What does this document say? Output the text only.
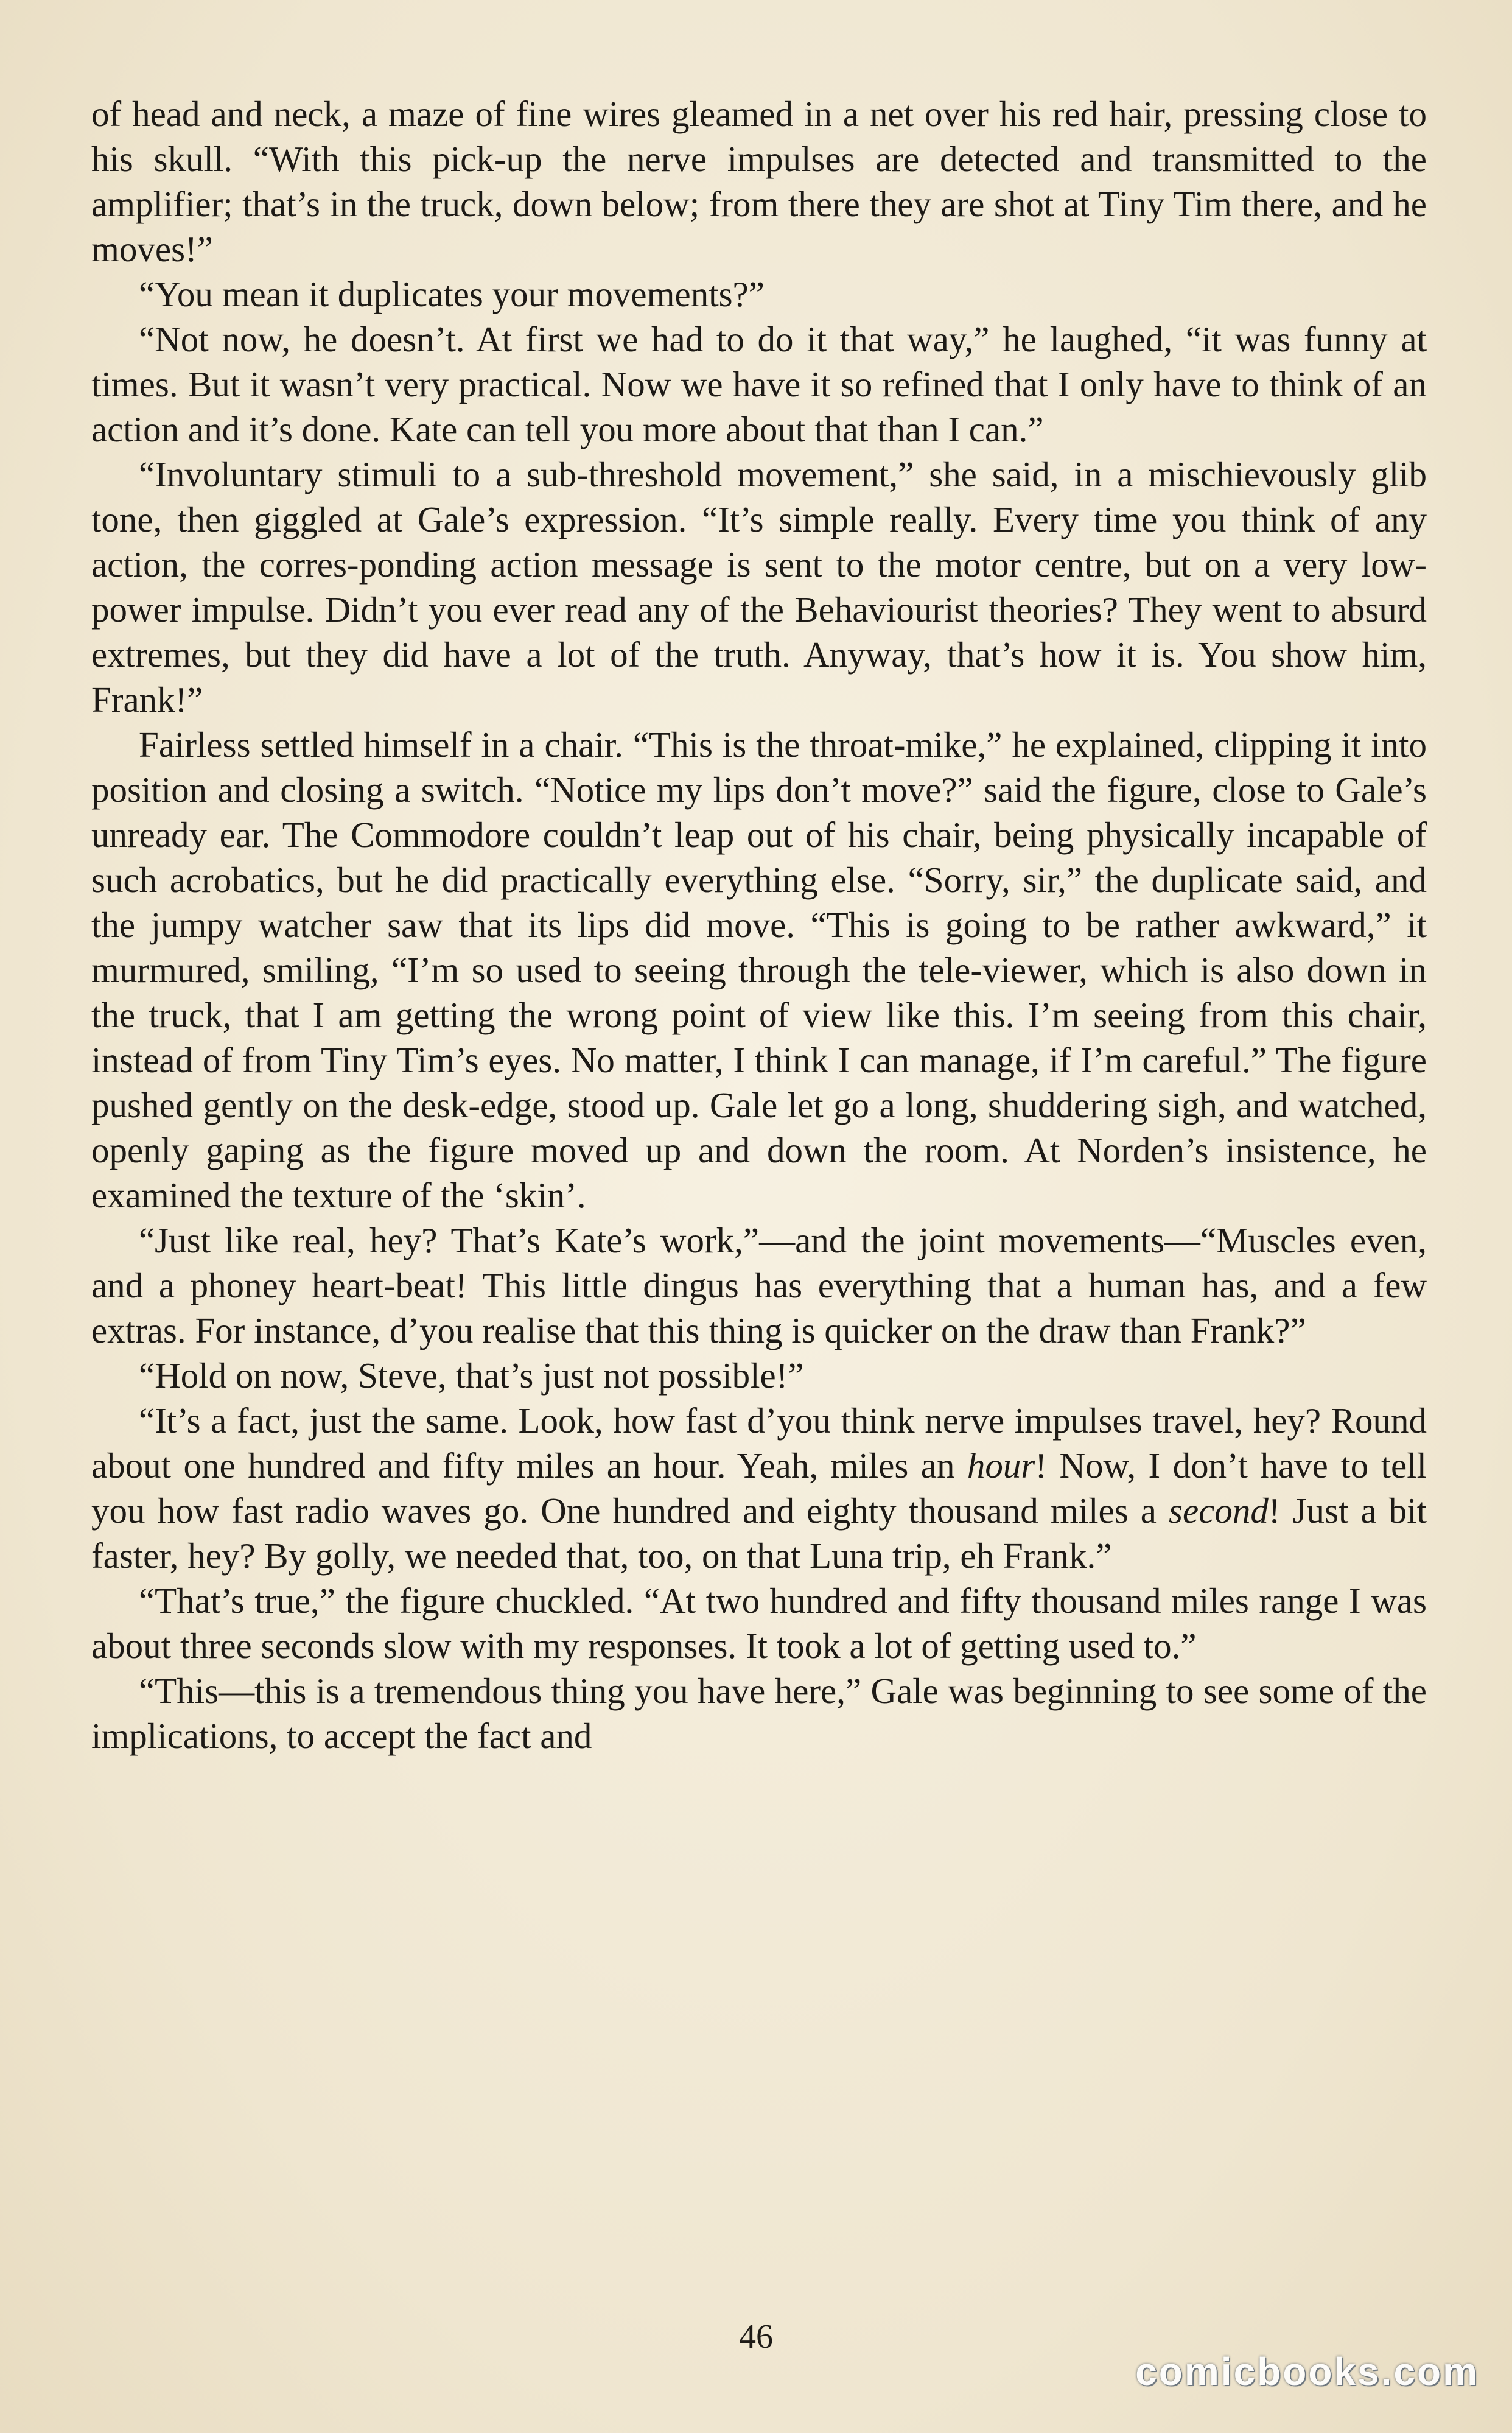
of head and neck, a maze of fine wires gleamed in a net over his red hair, pressing close to his skull. “With this pick-up the nerve impulses are detected and transmitted to the amplifier; that’s in the truck, down below; from there they are shot at Tiny Tim there, and he moves!”

“You mean it duplicates your movements?”

“Not now, he doesn’t. At first we had to do it that way,” he laughed, “it was funny at times. But it wasn’t very practical. Now we have it so refined that I only have to think of an action and it’s done. Kate can tell you more about that than I can.”

“Involuntary stimuli to a sub-threshold movement,” she said, in a mischievously glib tone, then giggled at Gale’s expression. “It’s simple really. Every time you think of any action, the corres-ponding action message is sent to the motor centre, but on a very low-power impulse. Didn’t you ever read any of the Behaviourist theories? They went to absurd extremes, but they did have a lot of the truth. Anyway, that’s how it is. You show him, Frank!”

Fairless settled himself in a chair. “This is the throat-mike,” he explained, clipping it into position and closing a switch. “Notice my lips don’t move?” said the figure, close to Gale’s unready ear. The Commodore couldn’t leap out of his chair, being physically incapable of such acrobatics, but he did practically everything else. “Sorry, sir,” the duplicate said, and the jumpy watcher saw that its lips did move. “This is going to be rather awkward,” it murmured, smiling, “I’m so used to seeing through the tele-viewer, which is also down in the truck, that I am getting the wrong point of view like this. I’m seeing from this chair, instead of from Tiny Tim’s eyes. No matter, I think I can manage, if I’m careful.” The figure pushed gently on the desk-edge, stood up. Gale let go a long, shuddering sigh, and watched, openly gaping as the figure moved up and down the room. At Norden’s insistence, he examined the texture of the ‘skin’.

“Just like real, hey? That’s Kate’s work,”—and the joint movements—“Muscles even, and a phoney heart-beat! This little dingus has everything that a human has, and a few extras. For instance, d’you realise that this thing is quicker on the draw than Frank?”

“Hold on now, Steve, that’s just not possible!”

“It’s a fact, just the same. Look, how fast d’you think nerve impulses travel, hey? Round about one hundred and fifty miles an hour. Yeah, miles an hour! Now, I don’t have to tell you how fast radio waves go. One hundred and eighty thousand miles a second! Just a bit faster, hey? By golly, we needed that, too, on that Luna trip, eh Frank.”

“That’s true,” the figure chuckled. “At two hundred and fifty thousand miles range I was about three seconds slow with my responses. It took a lot of getting used to.”

“This—this is a tremendous thing you have here,” Gale was beginning to see some of the implications, to accept the fact and

46
comicbooks.com
